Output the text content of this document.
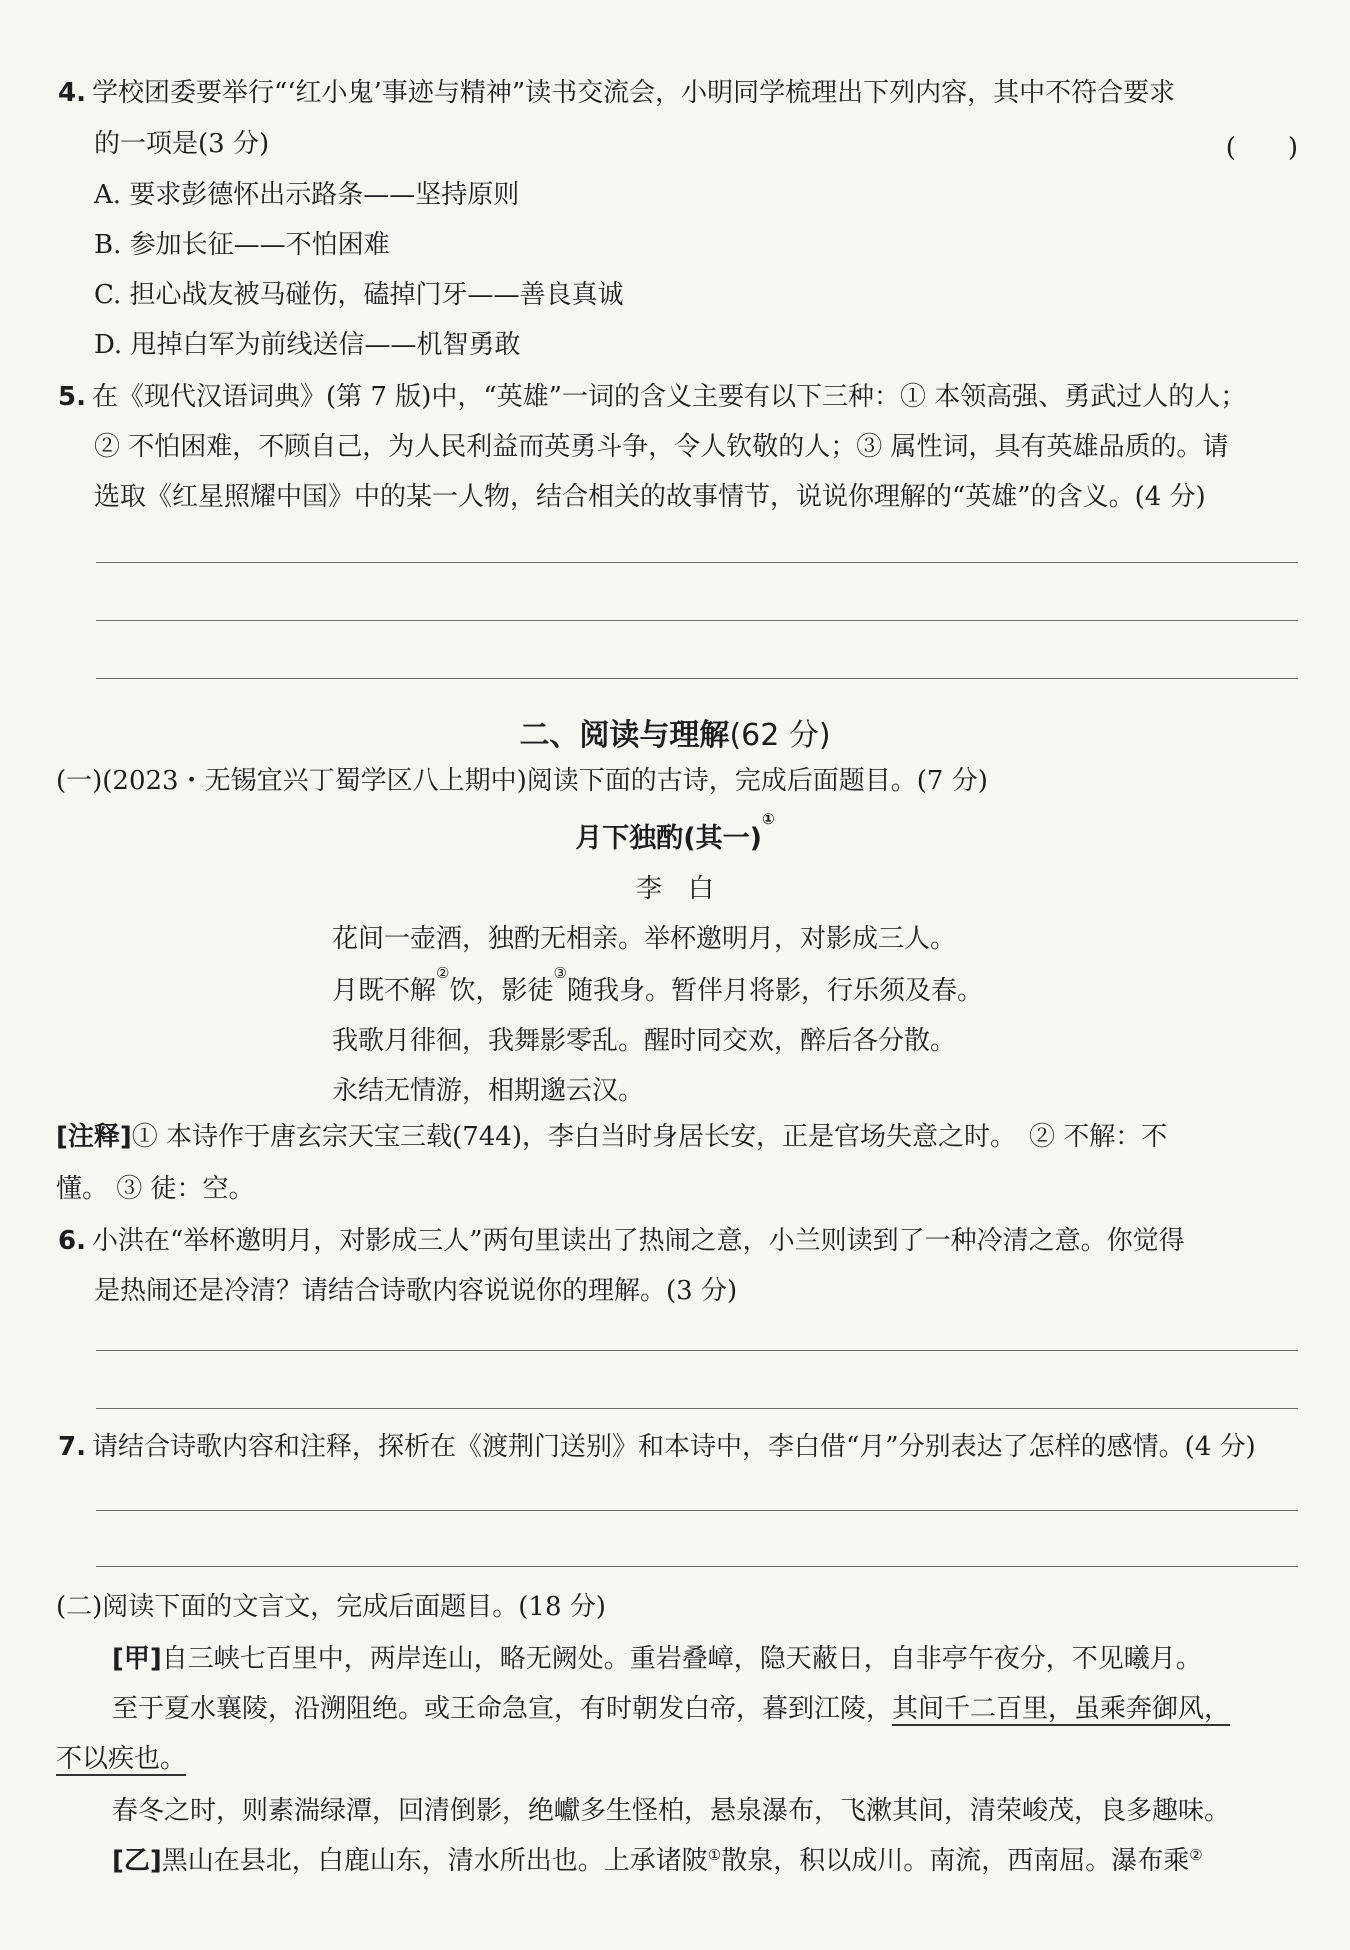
4. 学校团委要举行“‘红小鬼’事迹与精神”读书交流会，小明同学梳理出下列内容，其中不符合要求
的一项是(3 分)	(　　)
A. 要求彭德怀出示路条——坚持原则
B. 参加长征——不怕困难
C. 担心战友被马碰伤，磕掉门牙——善良真诚
D. 甩掉白军为前线送信——机智勇敢
5. 在《现代汉语词典》(第 7 版)中，“英雄”一词的含义主要有以下三种：① 本领高强、勇武过人的人；
② 不怕困难，不顾自己，为人民利益而英勇斗争，令人钦敬的人；③ 属性词，具有英雄品质的。请
选取《红星照耀中国》中的某一人物，结合相关的故事情节，说说你理解的“英雄”的含义。(4 分)
二、阅读与理解(62 分)
(一)(2023・无锡宜兴丁蜀学区八上期中)阅读下面的古诗，完成后面题目。(7 分)
月下独酌(其一)①
李　白
花间一壶酒，独酌无相亲。举杯邀明月，对影成三人。
月既不解②饮，影徒③随我身。暂伴月将影，行乐须及春。
我歌月徘徊，我舞影零乱。醒时同交欢，醉后各分散。
永结无情游，相期邈云汉。
[注释]① 本诗作于唐玄宗天宝三载(744)，李白当时身居长安，正是官场失意之时。　② 不解：不
懂。 ③ 徒：空。
6. 小洪在“举杯邀明月，对影成三人”两句里读出了热闹之意，小兰则读到了一种冷清之意。你觉得
是热闹还是冷清？请结合诗歌内容说说你的理解。(3 分)
7. 请结合诗歌内容和注释，探析在《渡荆门送别》和本诗中，李白借“月”分别表达了怎样的感情。(4 分)
(二)阅读下面的文言文，完成后面题目。(18 分)
[甲]自三峡七百里中，两岸连山，略无阙处。重岩叠嶂，隐天蔽日，自非亭午夜分，不见曦月。
至于夏水襄陵，沿溯阻绝。或王命急宣，有时朝发白帝，暮到江陵，其间千二百里，虽乘奔御风，
不以疾也。
春冬之时，则素湍绿潭，回清倒影，绝巘多生怪柏，悬泉瀑布，飞漱其间，清荣峻茂，良多趣味。
[乙]黑山在县北，白鹿山东，清水所出也。上承诸陂①散泉，积以成川。南流，西南屈。瀑布乘②
